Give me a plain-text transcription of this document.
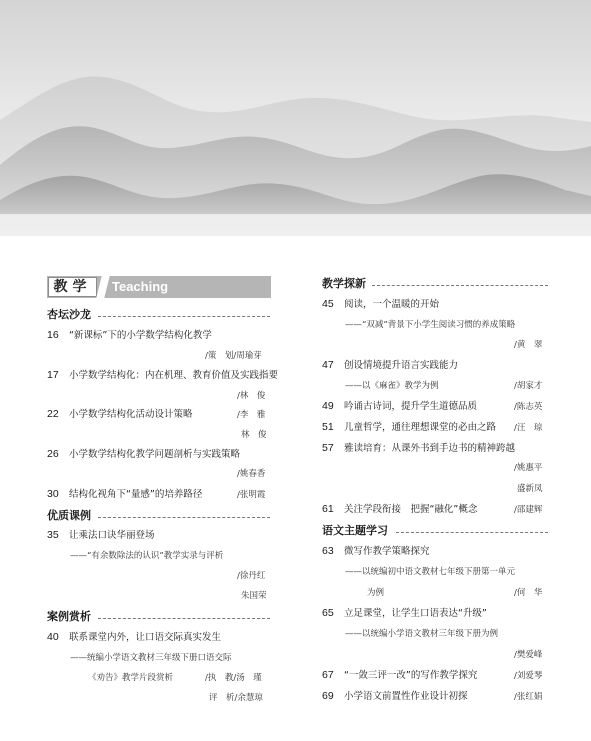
教学	Teaching
杏坛沙龙
16 “新课标”下的小学数学结构化教学
/策　划/周瑜芽
17 小学数学结构化：内在机理、教育价值及实践指要
/林　俊
22 小学数学结构化活动设计策略	/李　雅
林　俊
26 小学数学结构化教学问题剖析与实践策略
/姚春香
30 结构化视角下“量感”的培养路径	/张明霞
优质课例
35 让乘法口诀华丽登场
——“有余数除法的认识”教学实录与评析
/徐丹红
朱国荣
案例赏析
40 联系课堂内外，让口语交际真实发生
——统编小学语文教材三年级下册口语交际
《劝告》教学片段赏析	/执　教/汤　瑾
评　析/余慧琼
教学探新
45 阅读，一个温暖的开始
——“双减”背景下小学生阅读习惯的养成策略
/黄　翠
47 创设情境提升语言实践能力
——以《麻雀》教学为例	/胡家才
49 吟诵古诗词，提升学生道德品质	/陈志英
51 儿童哲学，通往理想课堂的必由之路 /汪　琼
57 雅读培育：从课外书到手边书的精神跨越
/姚惠平
盛新凤
61 关注学段衔接　把握“融化”概念	/邵建辉
语文主题学习
63 微写作教学策略探究
——以统编初中语文教材七年级下册第一单元
为例	/何　华
65 立足课堂，让学生口语表达“升级”
——以统编小学语文教材三年级下册为例
/樊爱峰
67 “一敛三评一改”的写作教学探究	/刘爱琴
69 小学语文前置性作业设计初探	/张红娟
